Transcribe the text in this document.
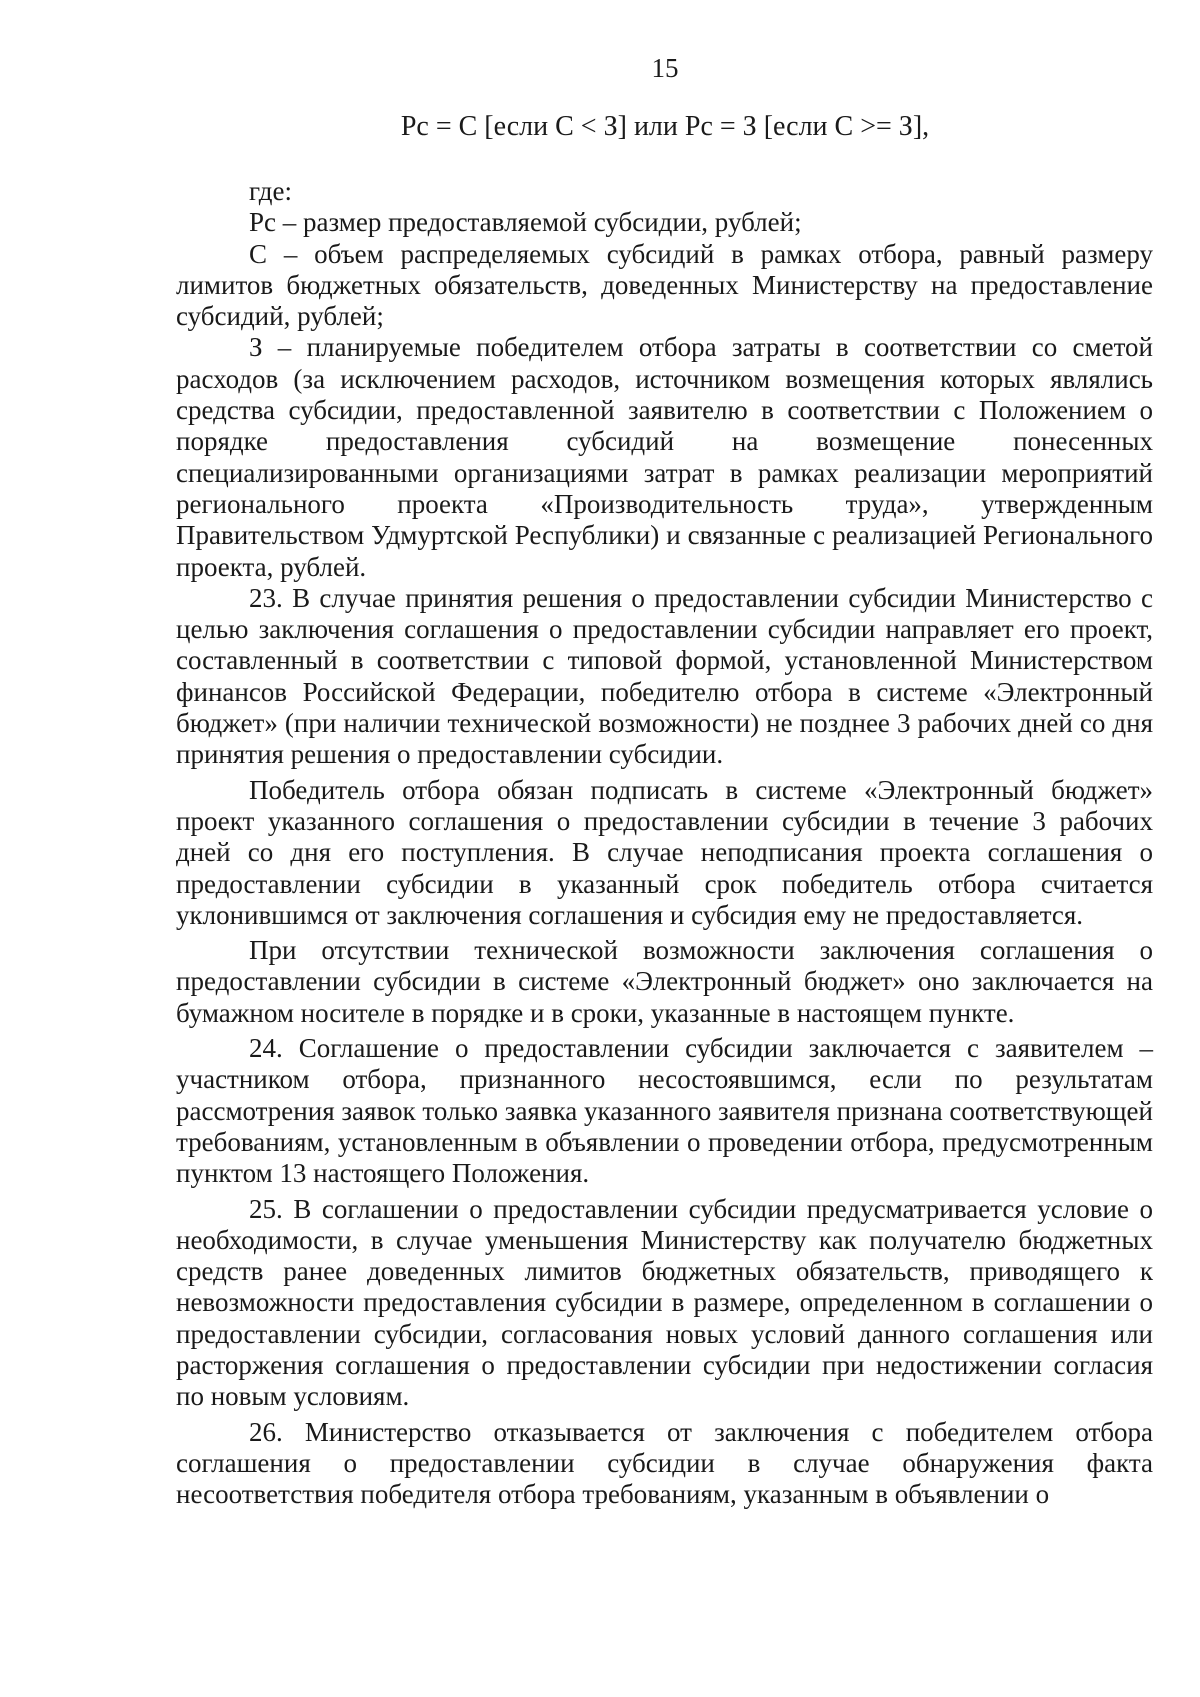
15
Рс = С [если С < З] или Рс = З [если С >= З],

где:

Рс – размер предоставляемой субсидии, рублей;

С – объем распределяемых субсидий в рамках отбора, равный размеру лимитов бюджетных обязательств, доведенных Министерству на предоставление субсидий, рублей;

З – планируемые победителем отбора затраты в соответствии со сметой расходов (за исключением расходов, источником возмещения которых являлись средства субсидии, предоставленной заявителю в соответствии с Положением о порядке предоставления субсидий на возмещение понесенных специализированными организациями затрат в рамках реализации мероприятий регионального проекта «Производительность труда», утвержденным Правительством Удмуртской Республики) и связанные с реализацией Регионального проекта, рублей.

23. В случае принятия решения о предоставлении субсидии Министерство с целью заключения соглашения о предоставлении субсидии направляет его проект, составленный в соответствии с типовой формой, установленной Министерством финансов Российской Федерации, победителю отбора в системе «Электронный бюджет» (при наличии технической возможности) не позднее 3 рабочих дней со дня принятия решения о предоставлении субсидии.

Победитель отбора обязан подписать в системе «Электронный бюджет» проект указанного соглашения о предоставлении субсидии в течение 3 рабочих дней со дня его поступления. В случае неподписания проекта соглашения о предоставлении субсидии в указанный срок победитель отбора считается уклонившимся от заключения соглашения и субсидия ему не предоставляется.

При отсутствии технической возможности заключения соглашения о предоставлении субсидии в системе «Электронный бюджет» оно заключается на бумажном носителе в порядке и в сроки, указанные в настоящем пункте.

24. Соглашение о предоставлении субсидии заключается с заявителем – участником отбора, признанного несостоявшимся, если по результатам рассмотрения заявок только заявка указанного заявителя признана соответствующей требованиям, установленным в объявлении о проведении отбора, предусмотренным пунктом 13 настоящего Положения.

25. В соглашении о предоставлении субсидии предусматривается условие о необходимости, в случае уменьшения Министерству как получателю бюджетных средств ранее доведенных лимитов бюджетных обязательств, приводящего к невозможности предоставления субсидии в размере, определенном в соглашении о предоставлении субсидии, согласования новых условий данного соглашения или расторжения соглашения о предоставлении субсидии при недостижении согласия по новым условиям.

26. Министерство отказывается от заключения с победителем отбора соглашения о предоставлении субсидии в случае обнаружения факта несоответствия победителя отбора требованиям, указанным в объявлении о
